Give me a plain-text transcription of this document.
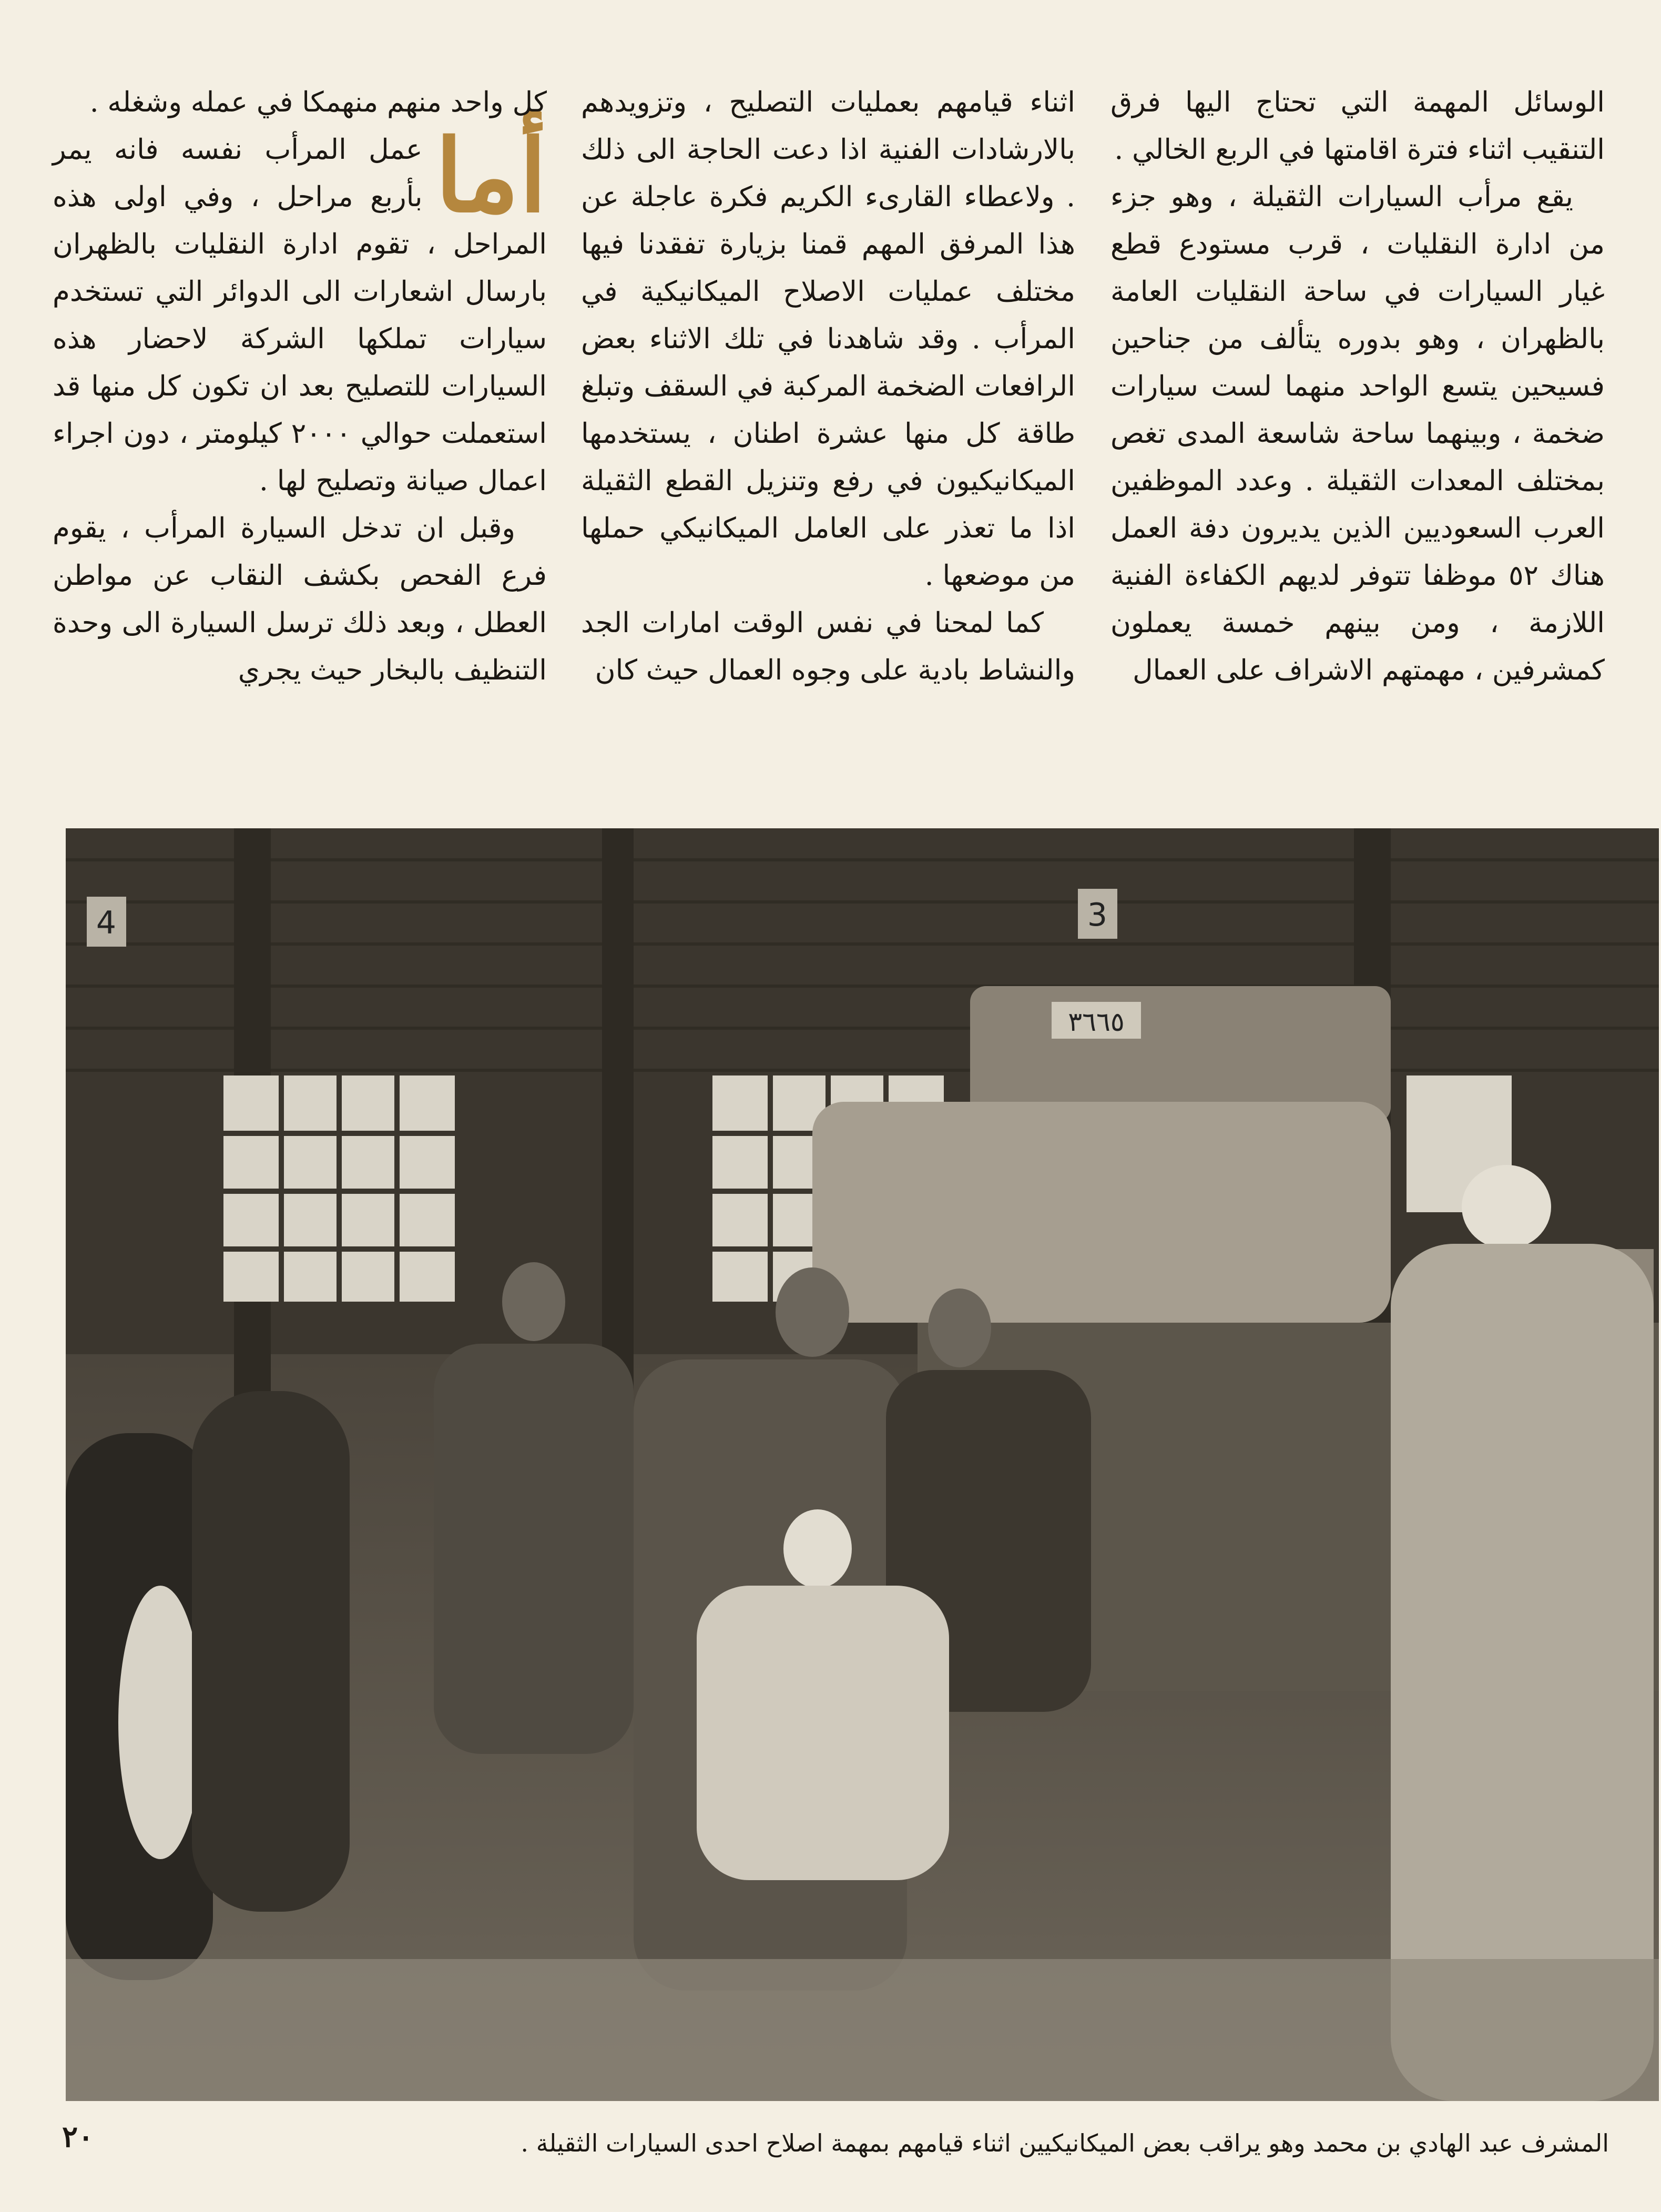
الوسائل المهمة التي تحتاج اليها فرق التنقيب اثناء فترة اقامتها في الربع الخالي .

يقع مرأب السيارات الثقيلة ، وهو جزء من ادارة النقليات ، قرب مستودع قطع غيار السيارات في ساحة النقليات العامة بالظهران ، وهو بدوره يتألف من جناحين فسيحين يتسع الواحد منهما لست سيارات ضخمة ، وبينهما ساحة شاسعة المدى تغص بمختلف المعدات الثقيلة . وعدد الموظفين العرب السعوديين الذين يديرون دفة العمل هناك ٥٢ موظفا تتوفر لديهم الكفاءة الفنية اللازمة ، ومن بينهم خمسة يعملون كمشرفين ، مهمتهم الاشراف على العمال

اثناء قيامهم بعمليات التصليح ، وتزويدهم بالارشادات الفنية اذا دعت الحاجة الى ذلك . ولاعطاء القارىء الكريم فكرة عاجلة عن هذا المرفق المهم قمنا بزيارة تفقدنا فيها مختلف عمليات الاصلاح الميكانيكية في المرأب . وقد شاهدنا في تلك الاثناء بعض الرافعات الضخمة المركبة في السقف وتبلغ طاقة كل منها عشرة اطنان ، يستخدمها الميكانيكيون في رفع وتنزيل القطع الثقيلة اذا ما تعذر على العامل الميكانيكي حملها من موضعها .

كما لمحنا في نفس الوقت امارات الجد والنشاط بادية على وجوه العمال حيث كان

كل واحد منهم منهمكا في عمله وشغله .

أما
عمل المرأب نفسه فانه يمر بأربع مراحل ، وفي اولى هذه المراحل ، تقوم ادارة النقليات بالظهران بارسال اشعارات الى الدوائر التي تستخدم سيارات تملكها الشركة لاحضار هذه السيارات للتصليح بعد ان تكون كل منها قد استعملت حوالي ٢٠٠٠ كيلومتر ، دون اجراء اعمال صيانة وتصليح لها .

وقبل ان تدخل السيارة المرأب ، يقوم فرع الفحص بكشف النقاب عن مواطن العطل ، وبعد ذلك ترسل السيارة الى وحدة التنظيف بالبخار حيث يجري

4	3
٣٦٦٥
المشرف عبد الهادي بن محمد وهو يراقب بعض الميكانيكيين اثناء قيامهم بمهمة اصلاح احدى السيارات الثقيلة .
٢٠
